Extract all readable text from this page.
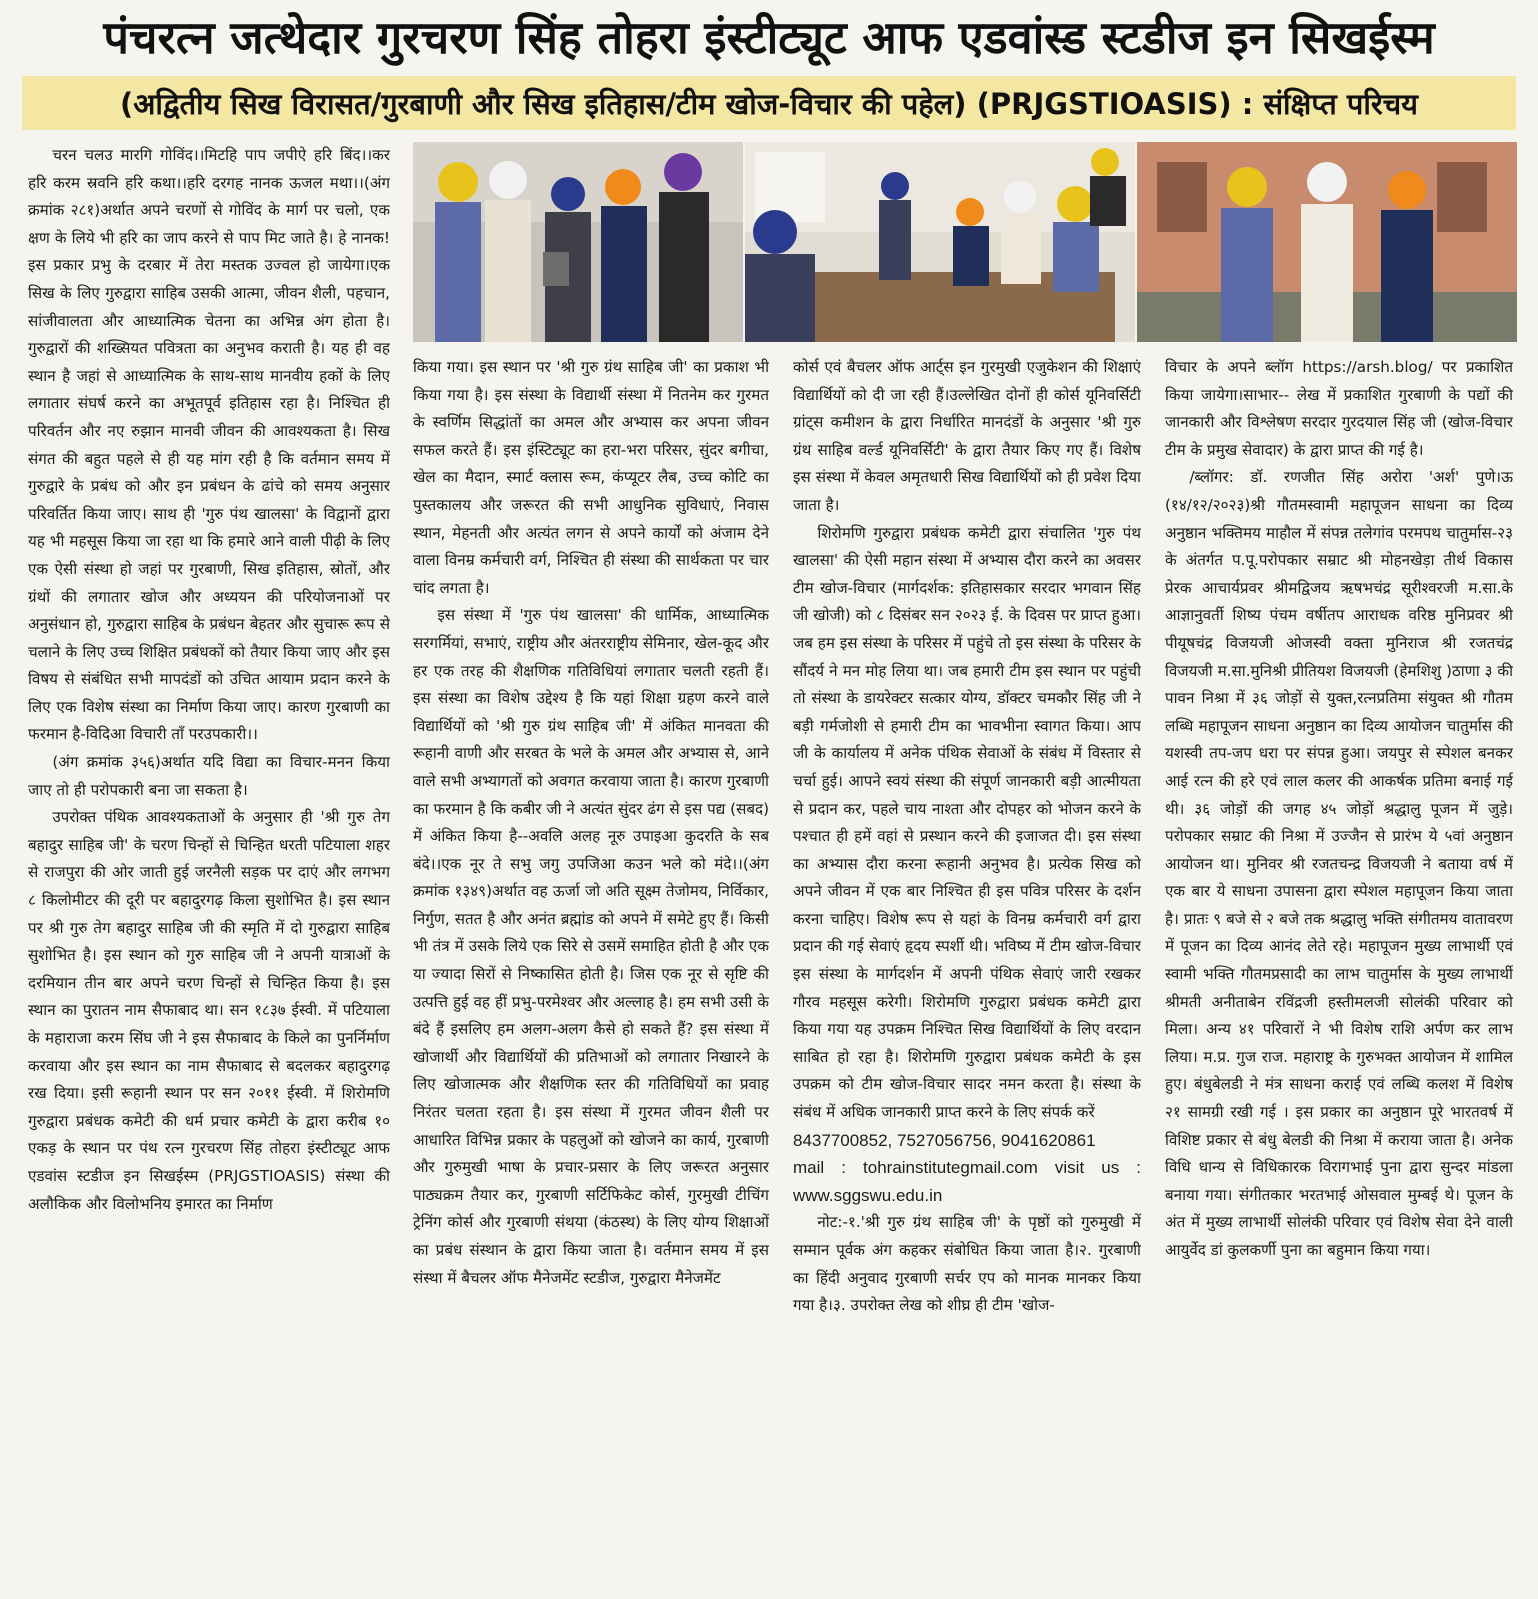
पंचरत्न जत्थेदार गुरचरण सिंह तोहरा इंस्टीट्यूट आफ एडवांस्ड स्टडीज इन सिखईस्म
(अद्वितीय सिख विरासत/गुरबाणी और सिख इतिहास/टीम खोज-विचार की पहेल) (PRJGSTIOASIS) : संक्षिप्त परिचय

चरन चलउ मारगि गोविंद।।मिटहि पाप जपीऐ हरि बिंद।।कर हरि करम स्रवनि हरि कथा।।हरि दरगह नानक ऊजल मथा।।(अंग क्रमांक २८१)अर्थात अपने चरणों से गोविंद के मार्ग पर चलो, एक क्षण के लिये भी हरि का जाप करने से पाप मिट जाते है। हे नानक! इस प्रकार प्रभु के दरबार में तेरा मस्तक उज्वल हो जायेगा।एक सिख के लिए गुरुद्वारा साहिब उसकी आत्मा, जीवन शैली, पहचान, सांजीवालता और आध्यात्मिक चेतना का अभिन्न अंग होता है। गुरुद्वारों की शख्सियत पवित्रता का अनुभव कराती है। यह ही वह स्थान है जहां से आध्यात्मिक के साथ-साथ मानवीय हकों के लिए लगातार संघर्ष करने का अभूतपूर्व इतिहास रहा है। निश्चित ही परिवर्तन और नए रुझान मानवी जीवन की आवश्यकता है। सिख संगत की बहुत पहले से ही यह मांग रही है कि वर्तमान समय में गुरुद्वारे के प्रबंध को और इन प्रबंधन के ढांचे को समय अनुसार परिवर्तित किया जाए। साथ ही 'गुरु पंथ खालसा' के विद्वानों द्वारा यह भी महसूस किया जा रहा था कि हमारे आने वाली पीढ़ी के लिए एक ऐसी संस्था हो जहां पर गुरबाणी, सिख इतिहास, स्रोतों, और ग्रंथों की लगातार खोज और अध्ययन की परियोजनाओं पर अनुसंधान हो, गुरुद्वारा साहिब के प्रबंधन बेहतर और सुचारू रूप से चलाने के लिए उच्च शिक्षित प्रबंधकों को तैयार किया जाए और इस विषय से संबंधित सभी मापदंडों को उचित आयाम प्रदान करने के लिए एक विशेष संस्था का निर्माण किया जाए। कारण गुरबाणी का फरमान है-विदिआ विचारी ताँ परउपकारी।।

(अंग क्रमांक ३५६)अर्थात यदि विद्या का विचार-मनन किया जाए तो ही परोपकारी बना जा सकता है।

उपरोक्त पंथिक आवश्यकताओं के अनुसार ही 'श्री गुरु तेग बहादुर साहिब जी' के चरण चिन्हों से चिन्हित धरती पटियाला शहर से राजपुरा की ओर जाती हुई जरनैली सड़क पर दाएं और लगभग ८ किलोमीटर की दूरी पर बहादुरगढ़ किला सुशोभित है। इस स्थान पर श्री गुरु तेग बहादुर साहिब जी की स्मृति में दो गुरुद्वारा साहिब सुशोभित है। इस स्थान को गुरु साहिब जी ने अपनी यात्राओं के दरमियान तीन बार अपने चरण चिन्हों से चिन्हित किया है। इस स्थान का पुरातन नाम सैफाबाद था। सन १८३७ ईस्वी. में पटियाला के महाराजा करम सिंघ जी ने इस सैफाबाद के किले का पुनर्निर्माण करवाया और इस स्थान का नाम सैफाबाद से बदलकर बहादुरगढ़ रख दिया। इसी रूहानी स्थान पर सन २०११ ईस्वी. में शिरोमणि गुरुद्वारा प्रबंधक कमेटी की धर्म प्रचार कमेटी के द्वारा करीब १० एकड़ के स्थान पर पंथ रत्न गुरचरण सिंह तोहरा इंस्टीट्यूट आफ एडवांस स्टडीज इन सिखईस्म (PRJGSTIOASIS) संस्था की अलौकिक और विलोभनिय इमारत का निर्माण

किया गया। इस स्थान पर 'श्री गुरु ग्रंथ साहिब जी' का प्रकाश भी किया गया है। इस संस्था के विद्यार्थी संस्था में नितनेम कर गुरमत के स्वर्णिम सिद्धांतों का अमल और अभ्यास कर अपना जीवन सफल करते हैं। इस इंस्टिट्यूट का हरा-भरा परिसर, सुंदर बगीचा, खेल का मैदान, स्मार्ट क्लास रूम, कंप्यूटर लैब, उच्च कोटि का पुस्तकालय और जरूरत की सभी आधुनिक सुविधाएं, निवास स्थान, मेहनती और अत्यंत लगन से अपने कार्यों को अंजाम देने वाला विनम्र कर्मचारी वर्ग, निश्चित ही संस्था की सार्थकता पर चार चांद लगता है।

इस संस्था में 'गुरु पंथ खालसा' की धार्मिक, आध्यात्मिक सरगर्मियां, सभाएं, राष्ट्रीय और अंतरराष्ट्रीय सेमिनार, खेल-कूद और हर एक तरह की शैक्षणिक गतिविधियां लगातार चलती रहती हैं।इस संस्था का विशेष उद्देश्य है कि यहां शिक्षा ग्रहण करने वाले विद्यार्थियों को 'श्री गुरु ग्रंथ साहिब जी' में अंकित मानवता की रूहानी वाणी और सरबत के भले के अमल और अभ्यास से, आने वाले सभी अभ्यागतों को अवगत करवाया जाता है। कारण गुरबाणी का फरमान है कि कबीर जी ने अत्यंत सुंदर ढंग से इस पद्य (सबद) में अंकित किया है--अवलि अलह नूरु उपाइआ कुदरति के सब बंदे।।एक नूर ते सभु जगु उपजिआ कउन भले को मंदे।।(अंग क्रमांक १३४९)अर्थात वह ऊर्जा जो अति सूक्ष्म तेजोमय, निर्विकार, निर्गुण, सतत है और अनंत ब्रह्मांड को अपने में समेटे हुए हैं। किसी भी तंत्र में उसके लिये एक सिरे से उसमें समाहित होती है और एक या ज्यादा सिरों से निष्कासित होती है। जिस एक नूर से सृष्टि की उत्पत्ति हुई वह हीं प्रभु-परमेश्वर और अल्लाह है। हम सभी उसी के बंदे हैं इसलिए हम अलग-अलग कैसे हो सकते हैं? इस संस्था में खोजार्थी और विद्यार्थियों की प्रतिभाओं को लगातार निखारने के लिए खोजात्मक और शैक्षणिक स्तर की गतिविधियों का प्रवाह निरंतर चलता रहता है। इस संस्था में गुरमत जीवन शैली पर आधारित विभिन्न प्रकार के पहलुओं को खोजने का कार्य, गुरबाणी और गुरुमुखी भाषा के प्रचार-प्रसार के लिए जरूरत अनुसार पाठ्यक्रम तैयार कर, गुरबाणी सर्टिफिकेट कोर्स, गुरमुखी टीचिंग ट्रेनिंग कोर्स और गुरबाणी संथया (कंठस्थ) के लिए योग्य शिक्षाओं का प्रबंध संस्थान के द्वारा किया जाता है। वर्तमान समय में इस संस्था में बैचलर ऑफ मैनेजमेंट स्टडीज, गुरुद्वारा मैनेजमेंट

कोर्स एवं बैचलर ऑफ आर्ट्स इन गुरमुखी एजुकेशन की शिक्षाएं विद्यार्थियों को दी जा रही हैं।उल्लेखित दोनों ही कोर्स यूनिवर्सिटी ग्रांट्स कमीशन के द्वारा निर्धारित मानदंडों के अनुसार 'श्री गुरु ग्रंथ साहिब वर्ल्ड यूनिवर्सिटी' के द्वारा तैयार किए गए हैं। विशेष इस संस्था में केवल अमृतधारी सिख विद्यार्थियों को ही प्रवेश दिया जाता है।

शिरोमणि गुरुद्वारा प्रबंधक कमेटी द्वारा संचालित 'गुरु पंथ खालसा' की ऐसी महान संस्था में अभ्यास दौरा करने का अवसर टीम खोज-विचार (मार्गदर्शक: इतिहासकार सरदार भगवान सिंह जी खोजी) को ८ दिसंबर सन २०२३ ई. के दिवस पर प्राप्त हुआ। जब हम इस संस्था के परिसर में पहुंचे तो इस संस्था के परिसर के सौंदर्य ने मन मोह लिया था। जब हमारी टीम इस स्थान पर पहुंची तो संस्था के डायरेक्टर सत्कार योग्य, डॉक्टर चमकौर सिंह जी ने बड़ी गर्मजोशी से हमारी टीम का भावभीना स्वागत किया। आप जी के कार्यालय में अनेक पंथिक सेवाओं के संबंध में विस्तार से चर्चा हुई। आपने स्वयं संस्था की संपूर्ण जानकारी बड़ी आत्मीयता से प्रदान कर, पहले चाय नाश्ता और दोपहर को भोजन करने के पश्चात ही हमें वहां से प्रस्थान करने की इजाजत दी। इस संस्था का अभ्यास दौरा करना रूहानी अनुभव है। प्रत्येक सिख को अपने जीवन में एक बार निश्चित ही इस पवित्र परिसर के दर्शन करना चाहिए। विशेष रूप से यहां के विनम्र कर्मचारी वर्ग द्वारा प्रदान की गई सेवाएं हृदय स्पर्शी थी। भविष्य में टीम खोज-विचार इस संस्था के मार्गदर्शन में अपनी पंथिक सेवाएं जारी रखकर गौरव महसूस करेगी। शिरोमणि गुरुद्वारा प्रबंधक कमेटी द्वारा किया गया यह उपक्रम निश्चित सिख विद्यार्थियों के लिए वरदान साबित हो रहा है। शिरोमणि गुरुद्वारा प्रबंधक कमेटी के इस उपक्रम को टीम खोज-विचार सादर नमन करता है। संस्था के संबंध में अधिक जानकारी प्राप्त करने के लिए संपर्क करें

8437700852, 7527056756, 9041620861

mail : tohrainstitutegmail.com visit us : www.sggswu.edu.in

नोट:-१.'श्री गुरु ग्रंथ साहिब जी' के पृष्ठों को गुरुमुखी में सम्मान पूर्वक अंग कहकर संबोधित किया जाता है।२. गुरबाणी का हिंदी अनुवाद गुरबाणी सर्चर एप को मानक मानकर किया गया है।३. उपरोक्त लेख को शीघ्र ही टीम 'खोज-

विचार के अपने ब्लॉग https://arsh.blog/ पर प्रकाशित किया जायेगा।साभार-- लेख में प्रकाशित गुरबाणी के पद्यों की जानकारी और विश्लेषण सरदार गुरदयाल सिंह जी (खोज-विचार टीम के प्रमुख सेवादार) के द्वारा प्राप्त की गई है।

/ब्लॉगर: डॉ. रणजीत सिंह अरोरा 'अर्श' पुणे।ऊ (१४/१२/२०२३)श्री गौतमस्वामी महापूजन साधना का दिव्य अनुष्ठान भक्तिमय माहौल में संपन्न तलेगांव परमपथ चातुर्मास-२३ के अंतर्गत प.पू.परोपकार सम्राट श्री मोहनखेड़ा तीर्थ विकास प्रेरक आचार्यप्रवर श्रीमद्विजय ऋषभचंद्र सूरीश्वरजी म.सा.के आज्ञानुवर्ती शिष्य पंचम वर्षीतप आराधक वरिष्ठ मुनिप्रवर श्री पीयूषचंद्र विजयजी ओजस्वी वक्ता मुनिराज श्री रजतचंद्र विजयजी म.सा.मुनिश्री प्रीतियश विजयजी (हेमशिशु )ठाणा ३ की पावन निश्रा में ३६ जोड़ों से युक्त,रत्नप्रतिमा संयुक्त श्री गौतम लब्धि महापूजन साधना अनुष्ठान का दिव्य आयोजन चातुर्मास की यशस्वी तप-जप धरा पर संपन्न हुआ। जयपुर से स्पेशल बनकर आई रत्न की हरे एवं लाल कलर की आकर्षक प्रतिमा बनाई गई थी। ३६ जोड़ों की जगह ४५ जोड़ों श्रद्धालु पूजन में जुड़े। परोपकार सम्राट की निश्रा में उज्जैन से प्रारंभ ये ५वां अनुष्ठान आयोजन था। मुनिवर श्री रजतचन्द्र विजयजी ने बताया वर्ष में एक बार ये साधना उपासना द्वारा स्पेशल महापूजन किया जाता है। प्रातः ९ बजे से २ बजे तक श्रद्धालु भक्ति संगीतमय वातावरण में पूजन का दिव्य आनंद लेते रहे। महापूजन मुख्य लाभार्थी एवं स्वामी भक्ति गौतमप्रसादी का लाभ चातुर्मास के मुख्य लाभार्थी श्रीमती अनीताबेन रविंद्रजी हस्तीमलजी सोलंकी परिवार को मिला। अन्य ४१ परिवारों ने भी विशेष राशि अर्पण कर लाभ लिया। म.प्र. गुज राज. महाराष्ट्र के गुरुभक्त आयोजन में शामिल हुए। बंधुबेलडी ने मंत्र साधना कराई एवं लब्धि कलश में विशेष २१ सामग्री रखी गई । इस प्रकार का अनुष्ठान पूरे भारतवर्ष में विशिष्ट प्रकार से बंधु बेलडी की निश्रा में कराया जाता है। अनेक विधि धान्य से विधिकारक विरागभाई पुना द्वारा सुन्दर मांडला बनाया गया। संगीतकार भरतभाई ओसवाल मुम्बई थे। पूजन के अंत में मुख्य लाभार्थी सोलंकी परिवार एवं विशेष सेवा देने वाली आयुर्वेद डां कुलकर्णी पुना का बहुमान किया गया।
